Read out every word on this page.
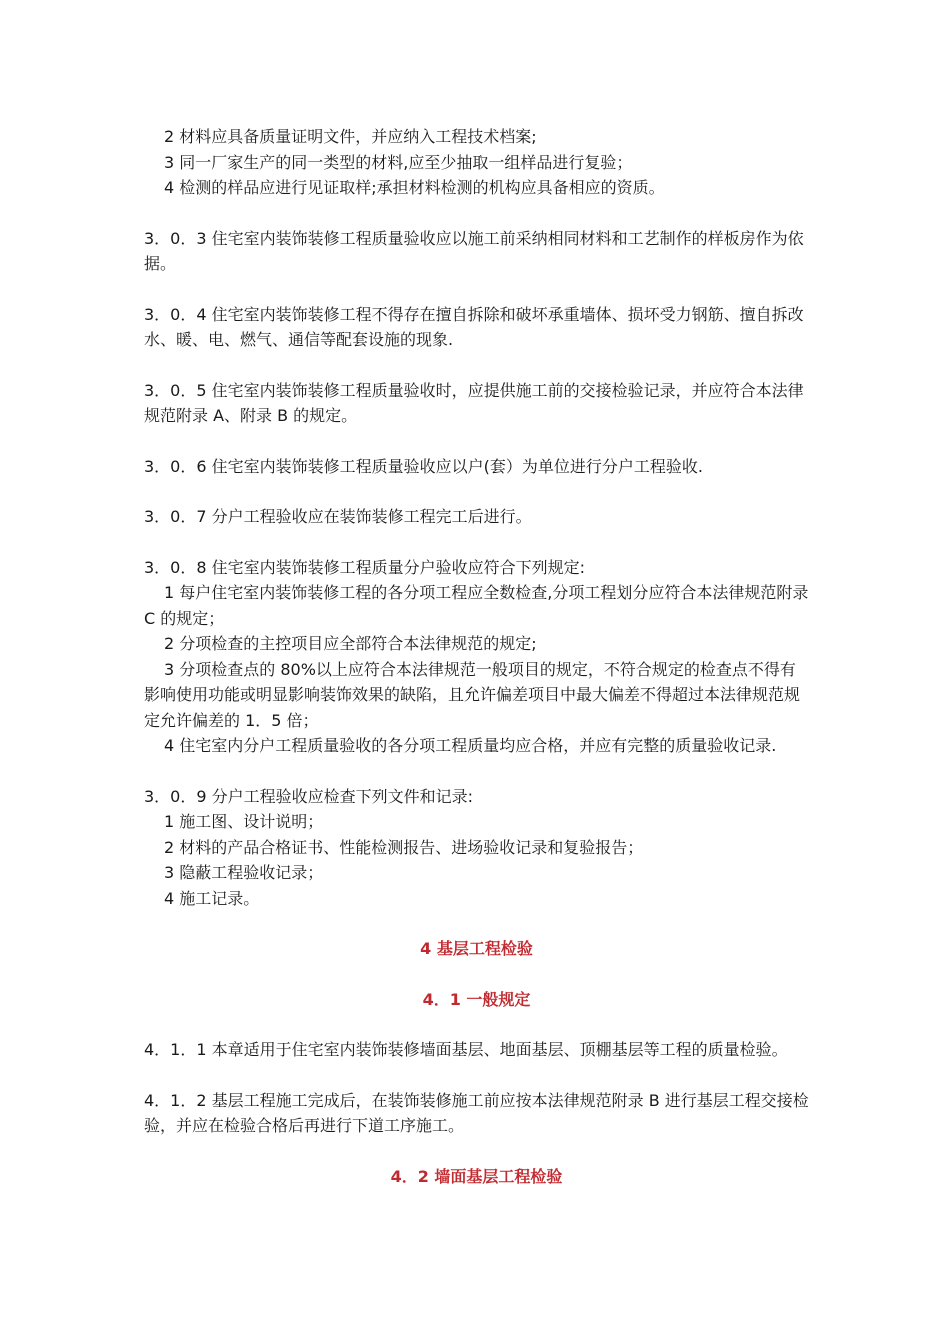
2 材料应具备质量证明文件，并应纳入工程技术档案;

3 同一厂家生产的同一类型的材料,应至少抽取一组样品进行复验；

4 检测的样品应进行见证取样;承担材料检测的机构应具备相应的资质。

3．0．3 住宅室内装饰装修工程质量验收应以施工前采纳相同材料和工艺制作的样板房作为依据。

3．0．4 住宅室内装饰装修工程不得存在擅自拆除和破坏承重墙体、损坏受力钢筋、擅自拆改水、暖、电、燃气、通信等配套设施的现象.

3．0．5 住宅室内装饰装修工程质量验收时，应提供施工前的交接检验记录，并应符合本法律规范附录 A、附录 B 的规定。

3．0．6 住宅室内装饰装修工程质量验收应以户(套）为单位进行分户工程验收.

3．0．7 分户工程验收应在装饰装修工程完工后进行。

3．0．8 住宅室内装饰装修工程质量分户验收应符合下列规定:

1 每户住宅室内装饰装修工程的各分项工程应全数检查,分项工程划分应符合本法律规范附录 C 的规定；

2 分项检查的主控项目应全部符合本法律规范的规定;

3 分项检查点的 80%以上应符合本法律规范一般项目的规定，不符合规定的检查点不得有影响使用功能或明显影响装饰效果的缺陷，且允许偏差项目中最大偏差不得超过本法律规范规定允许偏差的 1．5 倍；

4 住宅室内分户工程质量验收的各分项工程质量均应合格，并应有完整的质量验收记录.

3．0．9 分户工程验收应检查下列文件和记录:

1 施工图、设计说明；

2 材料的产品合格证书、性能检测报告、进场验收记录和复验报告；

3 隐蔽工程验收记录；

4 施工记录。

4 基层工程检验

4．1 一般规定

4．1．1 本章适用于住宅室内装饰装修墙面基层、地面基层、顶棚基层等工程的质量检验。

4．1．2 基层工程施工完成后，在装饰装修施工前应按本法律规范附录 B 进行基层工程交接检验，并应在检验合格后再进行下道工序施工。

4．2 墙面基层工程检验
